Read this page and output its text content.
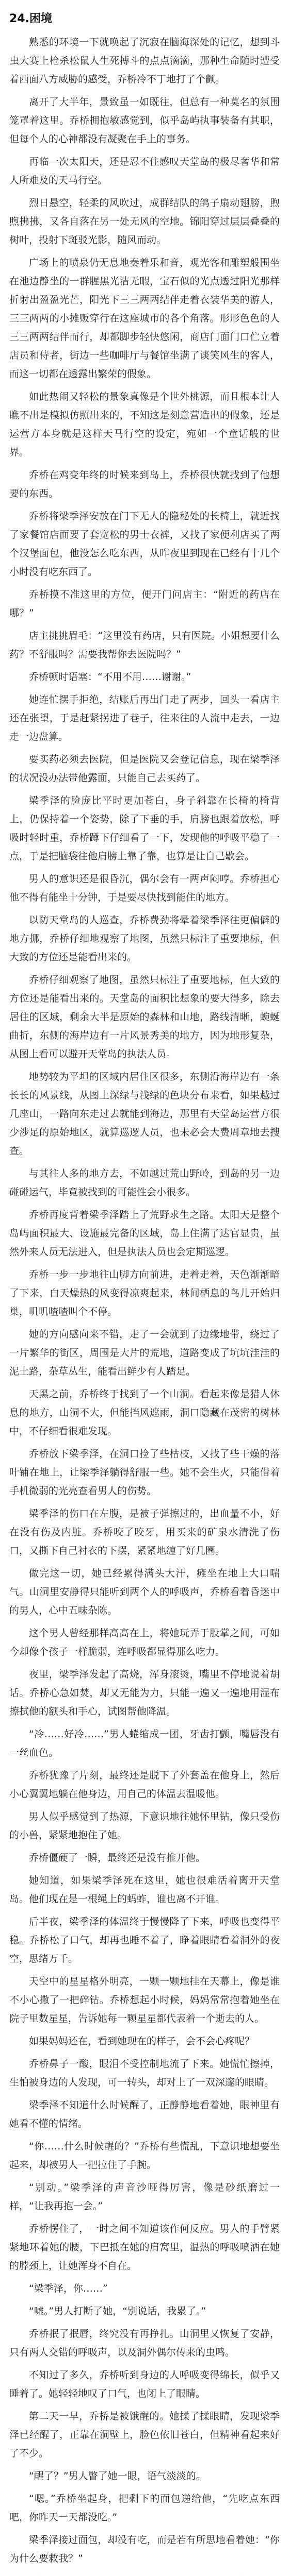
24.困境

熟悉的环境一下就唤起了沉寂在脑海深处的记忆，想到斗虫大赛上枪杀松鼠人生死搏斗的点点滴滴，那种生命随时遭受着西面八方威胁的感受，乔桥冷不丁地打了个颤。

离开了大半年，景致虽一如既往，但总有一种莫名的氛围笼罩着这里。乔桥拥抱敏感觉到，似乎岛屿执事装备有其职，但每个人的心神都没有凝聚在手上的事务。

再临一次太阳天，还是忍不住感叹天堂岛的极尽奢华和常人所难及的天马行空。

烈日悬空，轻柔的风吹过，成群结队的鸽子扇动翅膀，煦煦拂拂，又各自落在另一处无风的空地。锦阳穿过层层叠叠的树叶，投射下斑驳光影，随风而动。

广场上的喷泉仍无息地奏着乐和音，观光客和雕塑般围坐在池边静坐的一群腥黑光洁无暇，宝石似的光点透过阳光那样折射出盈盈光芒，阳光下三三两两结伴走着衣装华美的游人，三三两两的小摊贩穿行在这座城市的各个角落。形形色色的人三三两两结伴而行，却都脚步轻快悠闲，商店门面门口伫立着店员和侍者，街边一些咖啡厅与餐馆坐满了谈笑风生的客人，而这一切都在透露出繁荣的假象。

如此热闹又轻松的景象真像是个世外桃源，而且根本让人瞧不出是模拟仿照出来的，不知这是刻意营造出的假象，还是运营方本身就是这样天马行空的设定，宛如一个童话般的世界。

乔桥在鸡变年终的时候来到岛上，乔桥很快就找到了他想要的东西。

乔桥将梁季泽安放在门下无人的隐秘处的长椅上，就近找了家餐馆店面要了套宽松的男士衣裤，又找了家便利店买了两个汉堡面包，他没怎么吃东西，从昨夜里到现在已经有十几个小时没有吃东西了。

乔桥摸不准这里的方位，便开门问店主：“附近的药店在哪？”

店主挑挑眉毛：“这里没有药店，只有医院。小姐想要什么药？不舒服吗？需要我帮你去医院吗？”

乔桥顿时语塞：“不用不用……谢谢。”

她连忙摆手拒绝，结账后再出门走了两步，回头一看店主还在张望，于是赶紧拐进了巷子，往来往的人流中走去，一边走一边盘算。

要买药必须去医院，但是医院又会登记信息，现在梁季泽的状况没办法带他露面，只能自己去买药了。

梁季泽的脸庞比平时更加苍白，身子斜靠在长椅的椅背上，仍保持着一个姿势，除了下垂的手，肩膀也跟着放松，呼吸时轻时重，乔桥蹲下仔细看了一下，发现他的呼吸平稳了一点，于是把脑袋往他肩膀上靠了靠，也算是让自己歇会。

男人的意识还是很昏沉，偶尔会有一两声闷哼。乔桥担心他不得有能坐十分钟，于是要尽快找到能住的地方。

以防天堂岛的人巡查，乔桥费劲将晕着梁季泽往更偏僻的地方挪，乔桥仔细地观察了地图，虽然只标注了重要地标，但大致的方位还是能看出来的。

乔桥仔细观察了地图，虽然只标注了重要地标，但大致的方位还是能看出来的。天堂岛的面积比想象的要大得多，除去居住的区域，剩余大半是原始的森林和山地，路线清晰，蜿蜒曲折，东侧的海岸边有一片风景秀美的地方，因为地形复杂，从图上看可以避开天堂岛的执法人员。

地势较为平坦的区域内居住区很多，东侧沿海岸边有一条长长的风景线，从图上深绿与浅绿的色块分布来看，如果越过几座山，一路向东走过去就能到海边，那里有天堂岛运营方很少涉足的原始地区，就算巡逻人员，也未必会大费周章地去搜查。

与其往人多的地方去，不如越过荒山野岭，到岛的另一边碰碰运气，毕竟被找到的可能性会小很多。

乔桥再度背着梁季泽踏上了荒野求生之路。太阳天是整个岛屿面积最大、设施最完备的区域，岛上住满了达官显贵，虽然外来人员无法进入，但是执法人员也会定期巡逻。

乔桥一步一步地往山脚方向前进，走着走着，天色渐渐暗了下来，白天燥热的风变得凉爽起来，林间栖息的鸟儿开始归巢，叽叽喳喳叫个不停。

她的方向感向来不错，走了一会就到了边缘地带，绕过了一片繁华的街区，周围是大片的荒地，道路变成了坑坑洼洼的泥土路，杂草丛生，能看出鲜少有人踏足。

天黑之前，乔桥终于找到了一个山洞。看起来像是猎人休息的地方，山洞不大，但能挡风遮雨，洞口隐藏在茂密的树林中，不仔细看很难发现。

乔桥放下梁季泽，在洞口捡了些枯枝，又找了些干燥的落叶铺在地上，让梁季泽躺得舒服一些。她不会生火，只能借着手机微弱的光亮查看男人的伤势。

梁季泽的伤口在左腹，是被子弹擦过的，出血量不小，好在没有伤及内脏。乔桥咬了咬牙，用买来的矿泉水清洗了伤口，又撕下自己衬衣的下摆，紧紧地缠了好几圈。

做完这一切，她已经累得满头大汗，瘫坐在地上大口喘气。山洞里安静得只能听到两个人的呼吸声，乔桥看着昏迷中的男人，心中五味杂陈。

这个男人曾经那样高高在上，将她玩弄于股掌之间，可如今却像个孩子一样脆弱，连呼吸都显得那么吃力。

夜里，梁季泽发起了高烧，浑身滚烫，嘴里不停地说着胡话。乔桥心急如焚，却又无能为力，只能一遍又一遍地用湿布擦拭他的额头和手心，试图帮他降温。

“冷……好冷……”男人蜷缩成一团，牙齿打颤，嘴唇没有一丝血色。

乔桥犹豫了片刻，最终还是脱下了外套盖在他身上，然后小心翼翼地躺在他身边，用自己的体温去温暖他。

男人似乎感觉到了热源，下意识地往她怀里钻，像只受伤的小兽，紧紧地抱住了她。

乔桥僵硬了一瞬，最终还是没有推开他。

她知道，如果梁季泽死在这里，她也很难活着离开天堂岛。他们现在是一根绳上的蚂蚱，谁也离不开谁。

后半夜，梁季泽的体温终于慢慢降了下来，呼吸也变得平稳。乔桥松了口气，却再也睡不着了，睁着眼睛看着洞外的夜空，思绪万千。

天空中的星星格外明亮，一颗一颗地挂在天幕上，像是谁不小心撒了一把碎钻。乔桥想起小时候，妈妈常常抱着她坐在院子里数星星，告诉她每一颗星星都代表着一个逝去的人。

如果妈妈还在，看到她现在的样子，会不会心疼呢？

乔桥鼻子一酸，眼泪不受控制地流了下来。她慌忙擦掉，生怕被身边的人发现，可一转头，却对上了一双深邃的眼睛。

梁季泽不知道什么时候醒了，正静静地看着她，眼神里有她看不懂的情绪。

“你……什么时候醒的？”乔桥有些慌乱，下意识地想要坐起来，却被男人一把拉住了手腕。

“别动。”梁季泽的声音沙哑得厉害，像是砂纸磨过一样，“让我再抱一会。”

乔桥愣住了，一时之间不知道该作何反应。男人的手臂紧紧地环着她的腰，下巴抵在她的肩窝里，温热的呼吸喷洒在她的脖颈上，让她浑身不自在。

“梁季泽，你……”

“嘘。”男人打断了她，“别说话，我累了。”

乔桥抿了抿唇，终究没有再挣扎。山洞里又恢复了安静，只有两人交错的呼吸声，以及洞外偶尔传来的虫鸣。

不知过了多久，乔桥听到身边的人呼吸变得绵长，似乎又睡着了。她轻轻地叹了口气，也闭上了眼睛。

第二天一早，乔桥是被饿醒的。她揉了揉眼睛，发现梁季泽已经醒了，正靠在洞壁上，脸色依旧苍白，但精神看起来好了不少。

“醒了？”男人瞥了她一眼，语气淡淡的。

“嗯。”乔桥坐起身，把剩下的面包递给他，“先吃点东西吧，你昨天一天都没吃。”

梁季泽接过面包，却没有吃，而是若有所思地看着她：“你为什么要救我？”
